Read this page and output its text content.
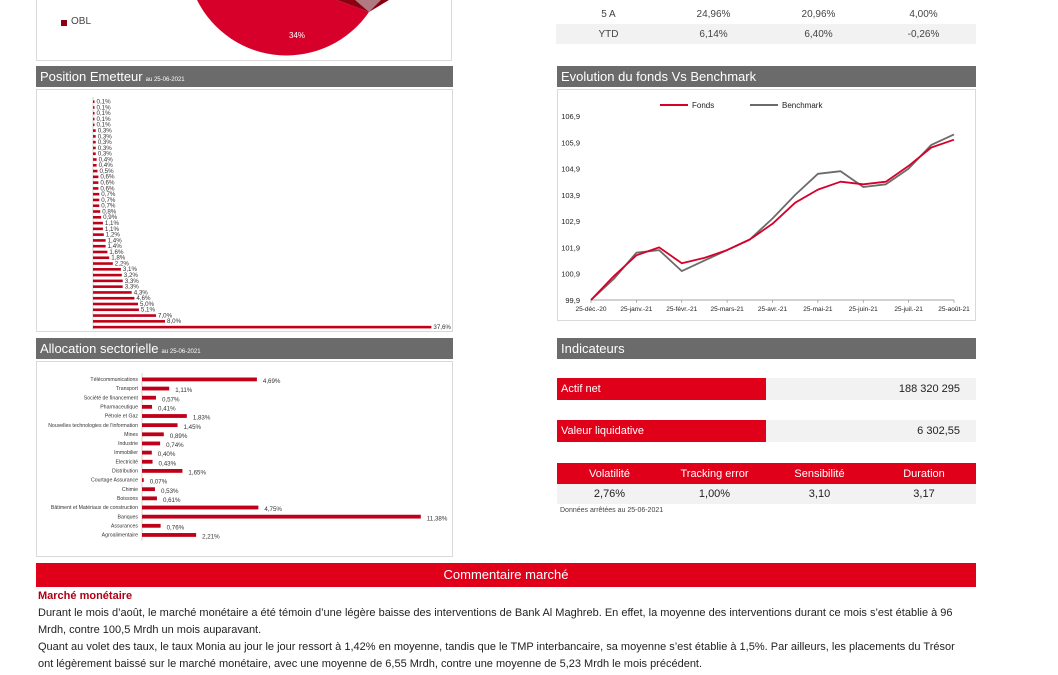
34%
OBL
5 A	24,96%	20,96%	4,00%
YTD	6,14%	6,40%	-0,26%
Position Emetteur au 25-06-2021
0,1%
0,1%
0,1%
0,1%
0,1%
0,3%
0,3%
0,3%
0,3%
0,3%
0,4%
0,4%
0,5%
0,6%
0,6%
0,6%
0,7%
0,7%
0,7%
0,8%
0,9%
1,1%
1,1%
1,2%
1,4%
1,4%
1,6%
1,8%
2,2%
3,1%
3,2%
3,3%
3,3%
4,3%
4,6%
5,0%
5,1%
7,0%
8,0%
37,6%
Allocation sectorielle au 25-06-2021
Télécommunications	4,69%
Transport	1,11%
Société de financement	0,57%
Pharmaceutique	0,41%
Pétrole et Gaz	1,83%
Nouvelles technologies de l'information	1,45%
Mines	0,89%
Industrie	0,74%
Immobilier	0,40%
Electricité	0,43%
Distribution	1,65%
Courtage Assurance 0,07%
Chimie	0,53%
Boissons	0,61%
Bâtiment et Matériaux de construction	4,75%
Banques	11,38%
Assurances	0,76%
Agroalimentaire	2,21%
Evolution du fonds Vs Benchmark
Fonds	Benchmark
106,9
105,9
104,9
103,9
102,9
101,9
100,9
99,9
25-déc.-20 25-janv.-21 25-févr.-21 25-mars-21 25-avr.-21 25-mai-21	25-juin-21	25-juil.-21 25-août-21
Indicateurs
Actif net	188 320 295
Valeur liquidative	6 302,55
Volatilité	Tracking error	Sensibilité	Duration
2,76%	1,00%	3,10	3,17
Données arrêtées au 25-06-2021
Commentaire marché
Marché monétaire
Durant le mois d’août, le marché monétaire a été témoin d’une légère baisse des interventions de Bank Al Maghreb. En effet, la moyenne des interventions durant ce mois s’est établie à 96 Mrdh, contre 100,5 Mrdh un mois auparavant.
Quant au volet des taux, le taux Monia au jour le jour ressort à 1,42% en moyenne, tandis que le TMP interbancaire, sa moyenne s’est établie à 1,5%. Par ailleurs, les placements du Trésor ont légèrement baissé sur le marché monétaire, avec une moyenne de 6,55 Mrdh, contre une moyenne de 5,23 Mrdh le mois précédent.
